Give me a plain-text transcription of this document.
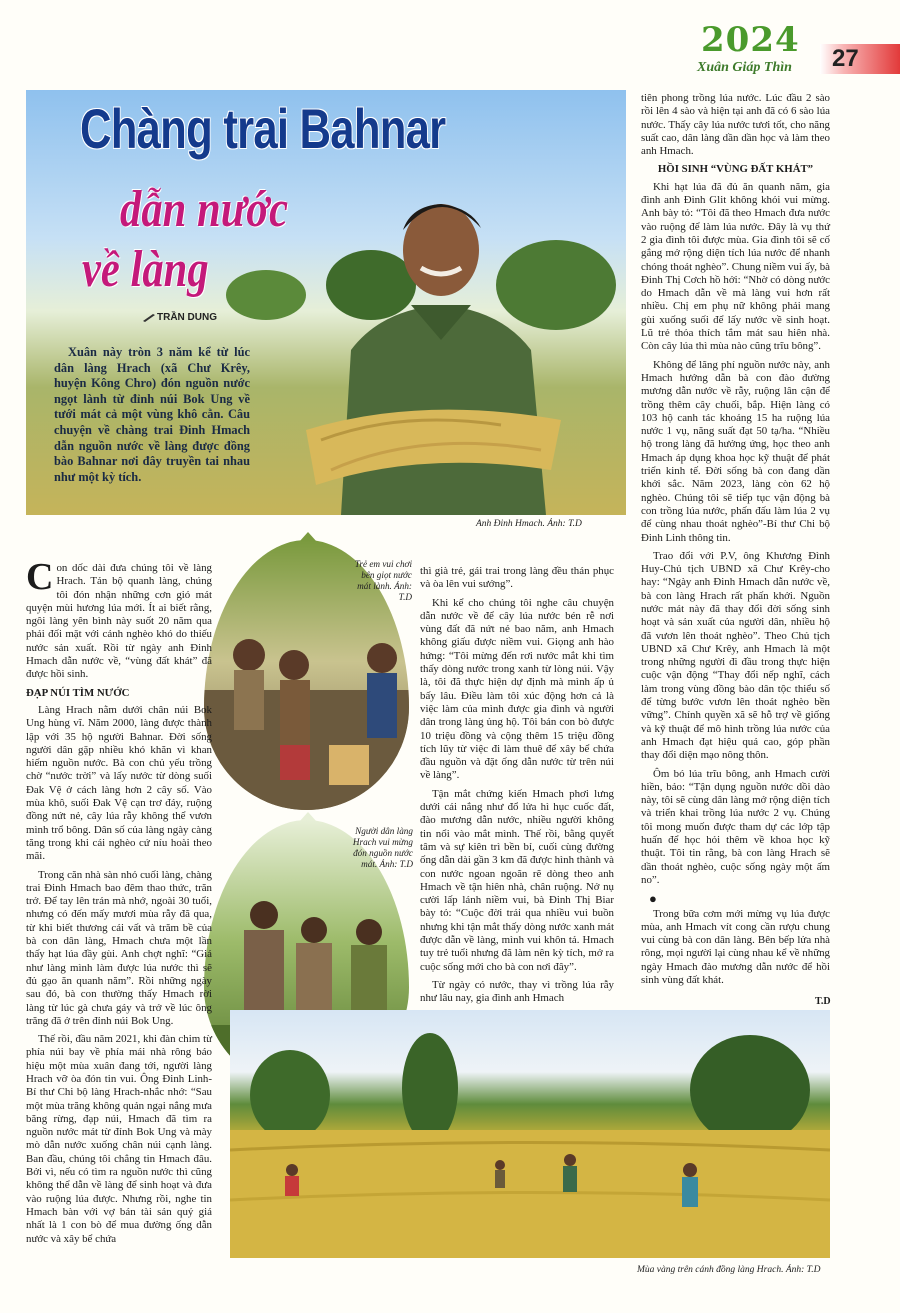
2024
Xuân Giáp Thìn 27
Chàng trai Bahnar
dẫn nước
về làng
TRẦN DUNG
Xuân này tròn 3 năm kể từ lúc dân làng Hrach (xã Chư Krêy, huyện Kông Chro) đón nguồn nước ngọt lành từ đỉnh núi Bok Ung về tưới mát cả một vùng khô cằn. Câu chuyện về chàng trai Đinh Hmach dẫn nguồn nước về làng được đồng bào Bahnar nơi đây truyền tai nhau như một kỳ tích.
Anh Đinh Hmach. Ảnh: T.D
Trẻ em vui chơi bên giọt nước mát lành. Ảnh: T.D
Người dân làng Hrach vui mừng đón nguồn nước mát. Ảnh: T.D

Con dốc dài đưa chúng tôi về làng Hrach. Tản bộ quanh làng, chúng tôi đón nhận những cơn gió mát quyện mùi hương lúa mới. Ít ai biết rằng, ngôi làng yên bình này suốt 20 năm qua phải đối mặt với cảnh nghèo khó do thiếu nước sản xuất. Rồi từ ngày anh Đinh Hmach dẫn nước về, “vùng đất khát” đã được hồi sinh.

ĐẠP NÚI TÌM NƯỚC

Làng Hrach nằm dưới chân núi Bok Ung hùng vĩ. Năm 2000, làng được thành lập với 35 hộ người Bahnar. Đời sống người dân gặp nhiều khó khăn vì khan hiếm nguồn nước. Bà con chủ yếu trồng chờ “nước trời” và lấy nước từ dòng suối Đak Vệ ở cách làng hơn 2 cây số. Vào mùa khô, suối Đak Vệ cạn trơ đáy, ruộng đồng nứt nẻ, cây lúa rẫy không thể vươn mình trổ bông. Dân số của làng ngày càng tăng trong khi cái nghèo cứ níu hoài theo mãi.

Trong căn nhà sàn nhỏ cuối làng, chàng trai Đinh Hmach bao đêm thao thức, trăn trở. Để tay lên trán mà nhớ, ngoài 30 tuổi, nhưng có đến mấy mươi mùa rẫy đã qua, từ khi biết thương cái vất và trăm bề của bà con dân làng, Hmach chưa một lần thấy hạt lúa đầy gùi. Anh chợt nghĩ: “Giá như làng mình làm được lúa nước thì sẽ đủ gạo ăn quanh năm”. Rồi những ngày sau đó, bà con thường thấy Hmach rời làng từ lúc gà chưa gáy và trở về lúc ông trăng đã ở trên đỉnh núi Bok Ung.

Thế rồi, đầu năm 2021, khi đàn chim từ phía núi bay về phía mái nhà rông báo hiệu một mùa xuân đang tới, người làng Hrach vỡ òa đón tin vui. Ông Đinh Linh-Bí thư Chi bộ làng Hrach-nhắc nhớ: “Sau một mùa trăng không quản ngại nắng mưa băng rừng, đạp núi, Hmach đã tìm ra nguồn nước mát từ đỉnh Bok Ung và mày mò dẫn nước xuống chân núi cạnh làng. Ban đầu, chúng tôi chẳng tin Hmach đâu. Bởi vì, nếu có tìm ra nguồn nước thì cũng không thể dẫn về làng để sinh hoạt và đưa vào ruộng lúa được. Nhưng rồi, nghe tin Hmach bàn với vợ bán tài sản quý giá nhất là 1 con bò để mua đường ống dẫn nước và xây bể chứa

thì già trẻ, gái trai trong làng đều thán phục và òa lên vui sướng”.

Khi kể cho chúng tôi nghe câu chuyện dẫn nước về để cây lúa nước bén rễ nơi vùng đất đã nứt nẻ bao năm, anh Hmach không giấu được niềm vui. Giọng anh hào hứng: “Tôi mừng đến rơi nước mắt khi tìm thấy dòng nước trong xanh từ lòng núi. Vậy là, tôi đã thực hiện dự định mà mình ấp ủ bấy lâu. Điều làm tôi xúc động hơn cả là việc làm của mình được gia đình và người dân trong làng ủng hộ. Tôi bán con bò được 10 triệu đồng và cộng thêm 15 triệu đồng tích lũy từ việc đi làm thuê để xây bể chứa đầu nguồn và đặt ống dẫn nước từ trên núi về làng”.

Tận mắt chứng kiến Hmach phơi lưng dưới cái nắng như đổ lửa hì hục cuốc đất, đào mương dẫn nước, nhiều người không tin nổi vào mắt mình. Thế rồi, bằng quyết tâm và sự kiên trì bền bỉ, cuối cùng đường ống dẫn dài gần 3 km đã được hình thành và con nước ngoan ngoãn rẽ dòng theo anh Hmach về tận hiên nhà, chân ruộng. Nở nụ cười lấp lánh niềm vui, bà Đinh Thị Biar bày tỏ: “Cuộc đời trải qua nhiều vui buồn nhưng khi tận mắt thấy dòng nước xanh mát được dẫn về làng, mình vui khôn tả. Hmach tuy trẻ tuổi nhưng đã làm nên kỳ tích, mở ra cuộc sống mới cho bà con nơi đây”.

Từ ngày có nước, thay vì trồng lúa rẫy như lâu nay, gia đình anh Hmach

tiên phong trồng lúa nước. Lúc đầu 2 sào rồi lên 4 sào và hiện tại anh đã có 6 sào lúa nước. Thấy cây lúa nước tươi tốt, cho năng suất cao, dân làng dần dần học và làm theo anh Hmach.

HỒI SINH “VÙNG ĐẤT KHÁT”

Khi hạt lúa đã đủ ăn quanh năm, gia đình anh Đinh Glit không khỏi vui mừng. Anh bày tỏ: “Tôi đã theo Hmach đưa nước vào ruộng để làm lúa nước. Đây là vụ thứ 2 gia đình tôi được mùa. Gia đình tôi sẽ cố gắng mở rộng diện tích lúa nước để nhanh chóng thoát nghèo”. Chung niềm vui ấy, bà Đinh Thị Cơch hồ hởi: “Nhờ có dòng nước do Hmach dẫn về mà làng vui hơn rất nhiều. Chị em phụ nữ không phải mang gùi xuống suối để lấy nước về sinh hoạt. Lũ trẻ thỏa thích tắm mát sau hiên nhà. Còn cây lúa thì mùa nào cũng trĩu bông”.

Không để lãng phí nguồn nước này, anh Hmach hướng dẫn bà con đào đường mương dẫn nước về rẫy, ruộng lân cận để trồng thêm cây chuối, bắp. Hiện làng có 103 hộ canh tác khoảng 15 ha ruộng lúa nước 1 vụ, năng suất đạt 50 tạ/ha. “Nhiều hộ trong làng đã hưởng ứng, học theo anh Hmach áp dụng khoa học kỹ thuật để phát triển kinh tế. Đời sống bà con đang dần khởi sắc. Năm 2023, làng còn 62 hộ nghèo. Chúng tôi sẽ tiếp tục vận động bà con trồng lúa nước, phấn đấu làm lúa 2 vụ để cùng nhau thoát nghèo”-Bí thư Chi bộ Đinh Linh thông tin.

Trao đổi với P.V, ông Khương Đình Huy-Chủ tịch UBND xã Chư Krêy-cho hay: “Ngày anh Đinh Hmach dẫn nước về, bà con làng Hrach rất phấn khởi. Nguồn nước mát này đã thay đổi đời sống sinh hoạt và sản xuất của người dân, nhiều hộ đã vươn lên thoát nghèo”. Theo Chủ tịch UBND xã Chư Krêy, anh Hmach là một trong những người đi đầu trong thực hiện cuộc vận động “Thay đổi nếp nghĩ, cách làm trong vùng đồng bào dân tộc thiểu số để từng bước vươn lên thoát nghèo bền vững”. Chính quyền xã sẽ hỗ trợ về giống và kỹ thuật để mô hình trồng lúa nước của anh Hmach đạt hiệu quả cao, góp phần thay đổi diện mạo nông thôn.

Ôm bó lúa trĩu bông, anh Hmach cười hiền, bảo: “Tận dụng nguồn nước dồi dào này, tôi sẽ cùng dân làng mở rộng diện tích và triển khai trồng lúa nước 2 vụ. Chúng tôi mong muốn được tham dự các lớp tập huấn để học hỏi thêm về khoa học kỹ thuật. Tôi tin rằng, bà con làng Hrach sẽ dần thoát nghèo, cuộc sống ngày một ấm no”.

●

Trong bữa cơm mới mừng vụ lúa được mùa, anh Hmach vít cong cần rượu chung vui cùng bà con dân làng. Bên bếp lửa nhà rông, mọi người lại cùng nhau kể về những ngày Hmach đào mương dẫn nước để hồi sinh vùng đất khát.

T.D
Mùa vàng trên cánh đồng làng Hrach. Ảnh: T.D
